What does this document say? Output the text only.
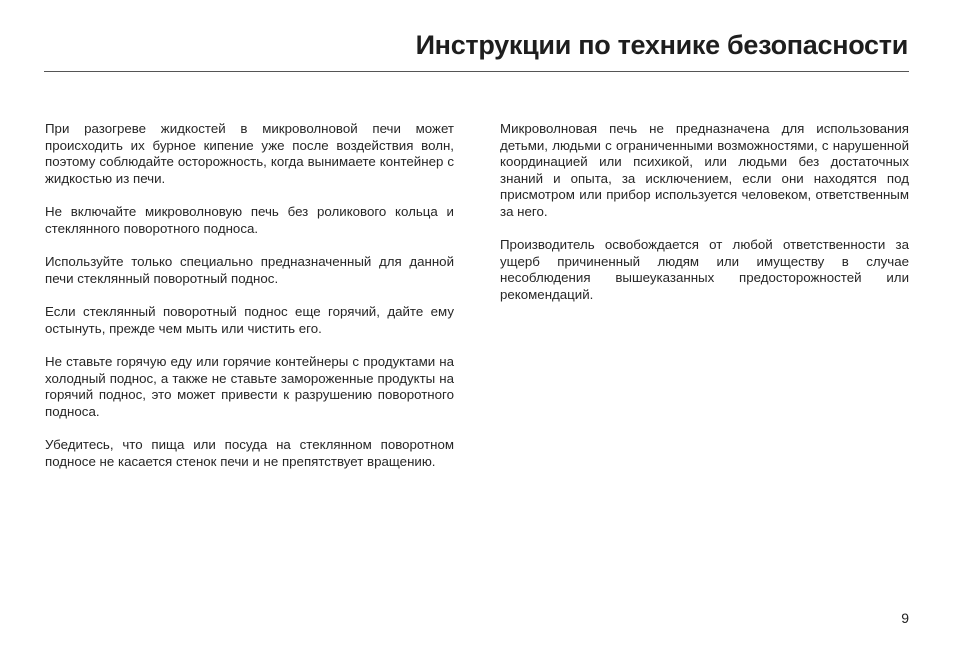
Инструкции по технике безопасности

При разогреве жидкостей в микроволновой печи может происходить их бурное кипение уже после воздействия волн, поэтому соблюдайте осторожность, когда вынимаете контейнер с жидкостью из печи.

Не включайте микроволновую печь без роликового кольца и стеклянного поворотного подноса.

Используйте только специально предназначенный для данной печи стеклянный поворотный поднос.

Если стеклянный поворотный поднос еще горячий, дайте ему остынуть, прежде чем мыть или чистить его.

Не ставьте горячую еду или горячие контейнеры с продуктами на холодный поднос, а также не ставьте замороженные продукты на горячий поднос, это может привести к разрушению поворотного подноса.

Убедитесь, что пища или посуда на стеклянном поворотном подносе не касается стенок печи и не препятствует вращению.

Микроволновая печь не предназначена для использования детьми, людьми с ограниченными возможностями, с нарушенной координацией или психикой, или людьми без достаточных знаний и опыта, за исключением, если они находятся под присмотром или прибор используется человеком, ответственным за него.

Производитель освобождается от любой ответственности за ущерб причиненный людям или имуществу в случае несоблюдения вышеуказанных предосторожностей или рекомендаций.

9
